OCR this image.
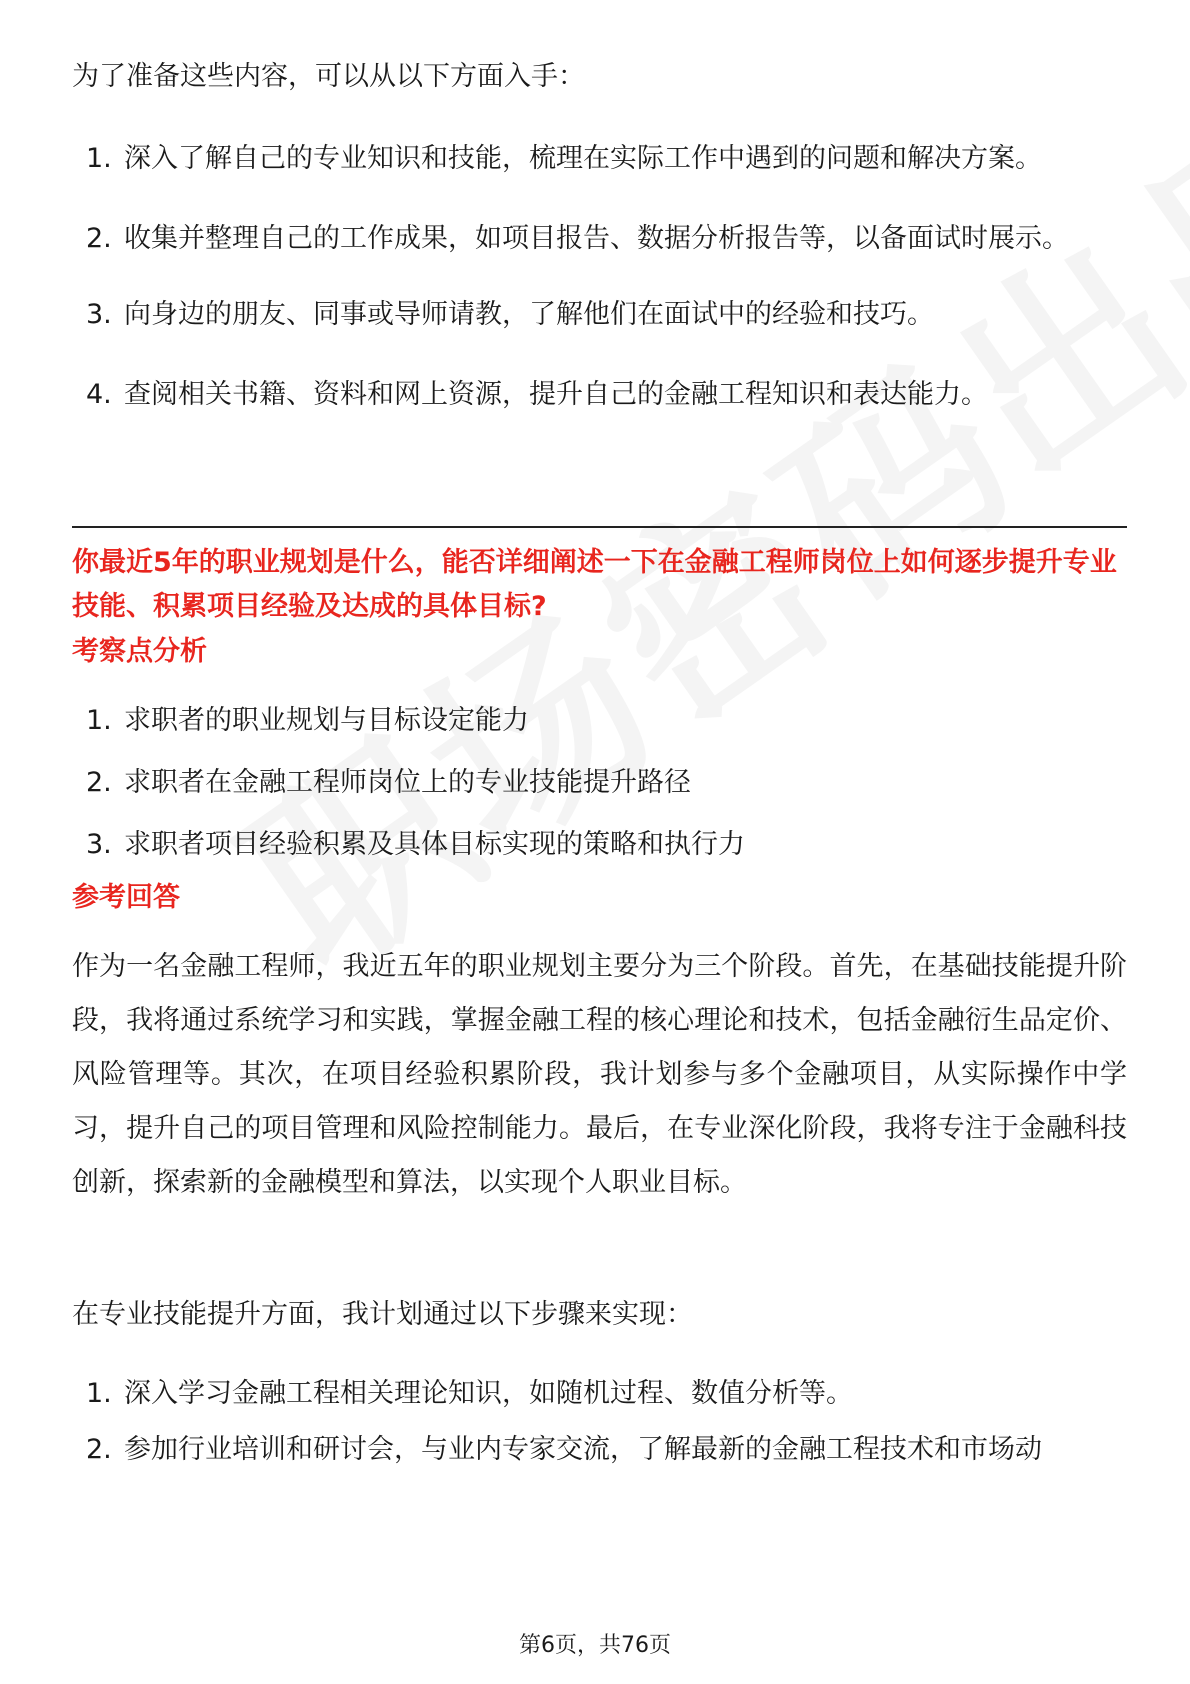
为了准备这些内容，可以从以下方面入手：

1. 深入了解自己的专业知识和技能，梳理在实际工作中遇到的问题和解决方案。
2. 收集并整理自己的工作成果，如项目报告、数据分析报告等，以备面试时展示。
3. 向身边的朋友、同事或导师请教，了解他们在面试中的经验和技巧。
4. 查阅相关书籍、资料和网上资源，提升自己的金融工程知识和表达能力。

你最近5年的职业规划是什么，能否详细阐述一下在金融工程师岗位上如何逐步提升专业技能、积累项目经验及达成的具体目标?

考察点分析

1. 求职者的职业规划与目标设定能力
2. 求职者在金融工程师岗位上的专业技能提升路径
3. 求职者项目经验积累及具体目标实现的策略和执行力

参考回答

作为一名金融工程师，我近五年的职业规划主要分为三个阶段。首先，在基础技能提升阶段，我将通过系统学习和实践，掌握金融工程的核心理论和技术，包括金融衍生品定价、风险管理等。其次，在项目经验积累阶段，我计划参与多个金融项目，从实际操作中学习，提升自己的项目管理和风险控制能力。最后，在专业深化阶段，我将专注于金融科技创新，探索新的金融模型和算法，以实现个人职业目标。

在专业技能提升方面，我计划通过以下步骤来实现：

1. 深入学习金融工程相关理论知识，如随机过程、数值分析等。
2. 参加行业培训和研讨会，与业内专家交流，了解最新的金融工程技术和市场动
第6页，共76页
